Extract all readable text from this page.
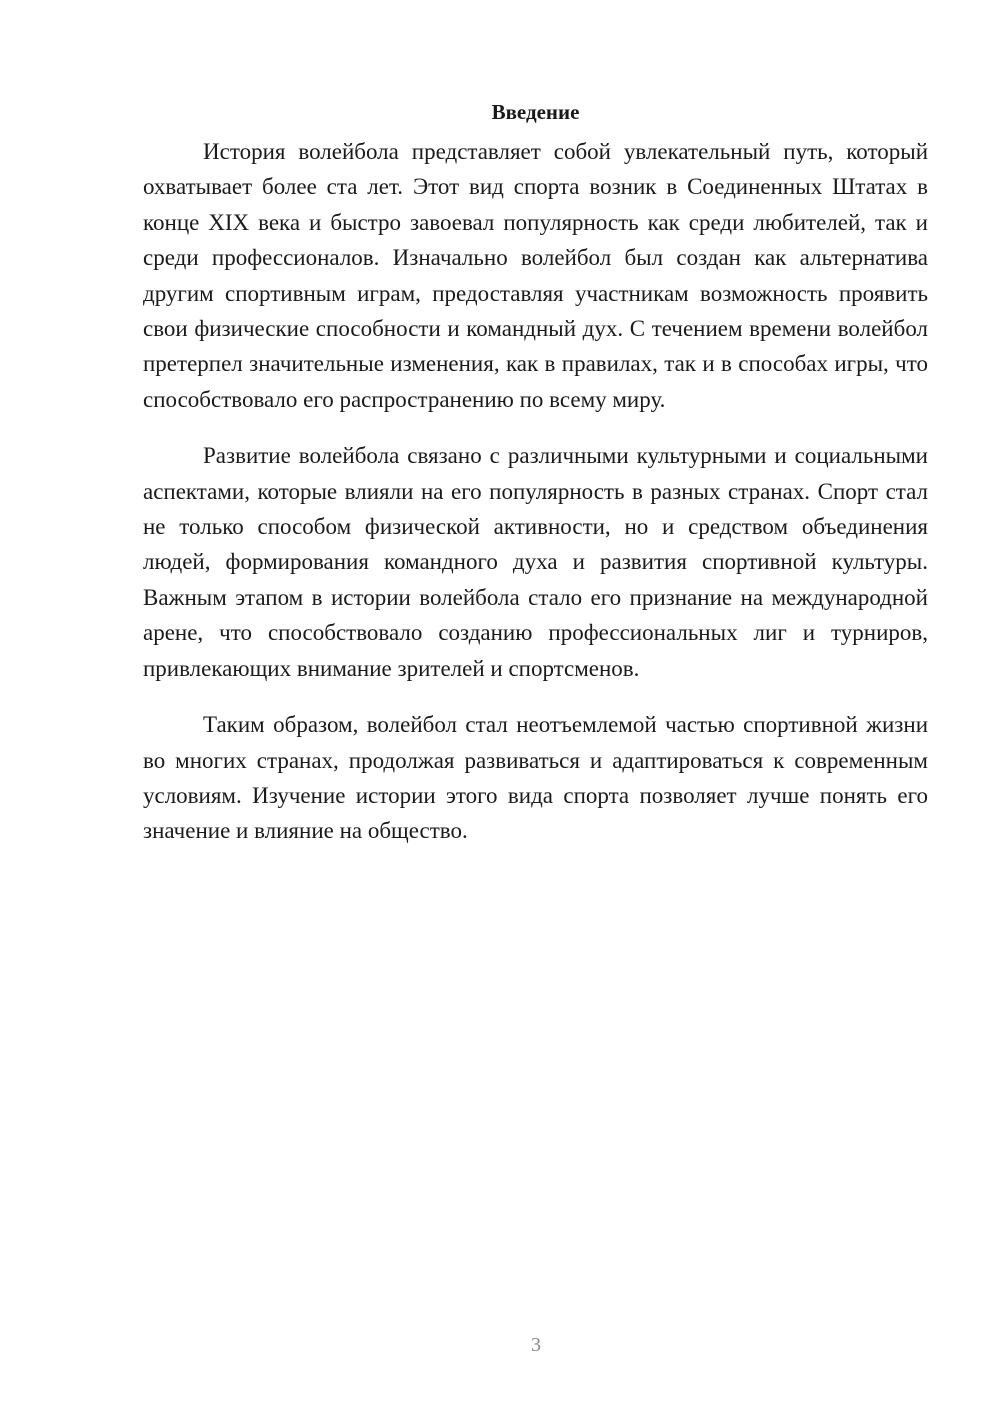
Введение

История волейбола представляет собой увлекательный путь, который охватывает более ста лет. Этот вид спорта возник в Соединенных Штатах в конце XIX века и быстро завоевал популярность как среди любителей, так и среди профессионалов. Изначально волейбол был создан как альтернатива другим спортивным играм, предоставляя участникам возможность проявить свои физические способности и командный дух. С течением времени волейбол претерпел значительные изменения, как в правилах, так и в способах игры, что способствовало его распространению по всему миру.

Развитие волейбола связано с различными культурными и социальными аспектами, которые влияли на его популярность в разных странах. Спорт стал не только способом физической активности, но и средством объединения людей, формирования командного духа и развития спортивной культуры. Важным этапом в истории волейбола стало его признание на международной арене, что способствовало созданию профессиональных лиг и турниров, привлекающих внимание зрителей и спортсменов.

Таким образом, волейбол стал неотъемлемой частью спортивной жизни во многих странах, продолжая развиваться и адаптироваться к современным условиям. Изучение истории этого вида спорта позволяет лучше понять его значение и влияние на общество.

3
